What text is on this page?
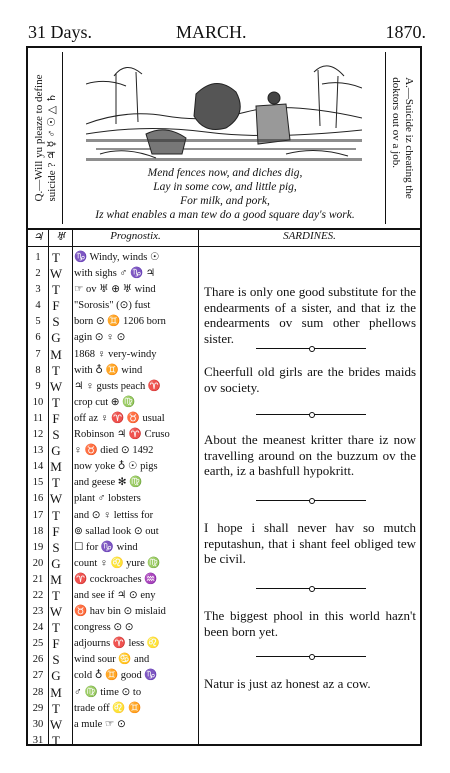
31 Days.	MARCH.	1870.
Q.—Will yu pleaze to define suicide ? ♃ ☿ ♂ ☉ △ ♄	A.—Suicide iz cheating the
doktors out ov a job.
Mend fences now, and diches dig,
Lay in some cow, and little pig,
For milk, and pork,
Iz what enables a man tew do a good square day's work.
♃	♅	Prognostix.	SARDINES.
1 T	♑ Windy, winds ☉
2 W	with sighs ♂ ♑ ♃
3 T	☞ ov ♅ ⊕ ♅ wind
4 F	"Sorosis" (⊙) fust
5 S	born ⊙ ♊ 1206 born
6 G	agin ⊙ ♀ ⊙
7 M	1868 ♀ very-windy
8 T	with ♁ ♊ wind
9 W	♃ ♀ gusts peach ♈
10 T	crop cut ⊕ ♍
11 F	off az ♀ ♈ ♉ usual
12 S	Robinson ♃ ♈ Cruso
13 G	♀ ♉ died ⊙ 1492
14 M	now yoke ♁ ☉ pigs
15 T	and geese ✻ ♍
16 W	plant ♂ lobsters
17 T	and ⊙ ♀ lettiss for
18 F	⊚ sallad look ⊙ out
19 S	☐ for ♑ wind
20 G	count ♀ ♌ yure ♍
21 M	♈ cockroaches ♒
22 T	and see if ♃ ⊙ eny
23 W	♉ hav bin ⊙ mislaid
24 T	congress ⊙ ⊙
25 F	adjourns ♈ less ♌
26 S	wind sour ♋ and
27 G	cold ♁ ♊ good ♑
28 M	♂ ♍ time ⊙ to
29 T	trade off ♌ ♊
30 W	a mule ☞ ⊙
31 T
Thare is only one good substitute for the endearments of a sister, and that iz the endearments ov sum other phellows sister.
Cheerfull old girls are the brides maids ov society.
About the meanest kritter thare iz now travelling around on the buzzum ov the earth, iz a bashfull hypokritt.
I hope i shall never hav so mutch reputashun, that i shant feel obliged tew be civil.
The biggest phool in this world hazn't been born yet.
Natur is just az honest az a cow.
